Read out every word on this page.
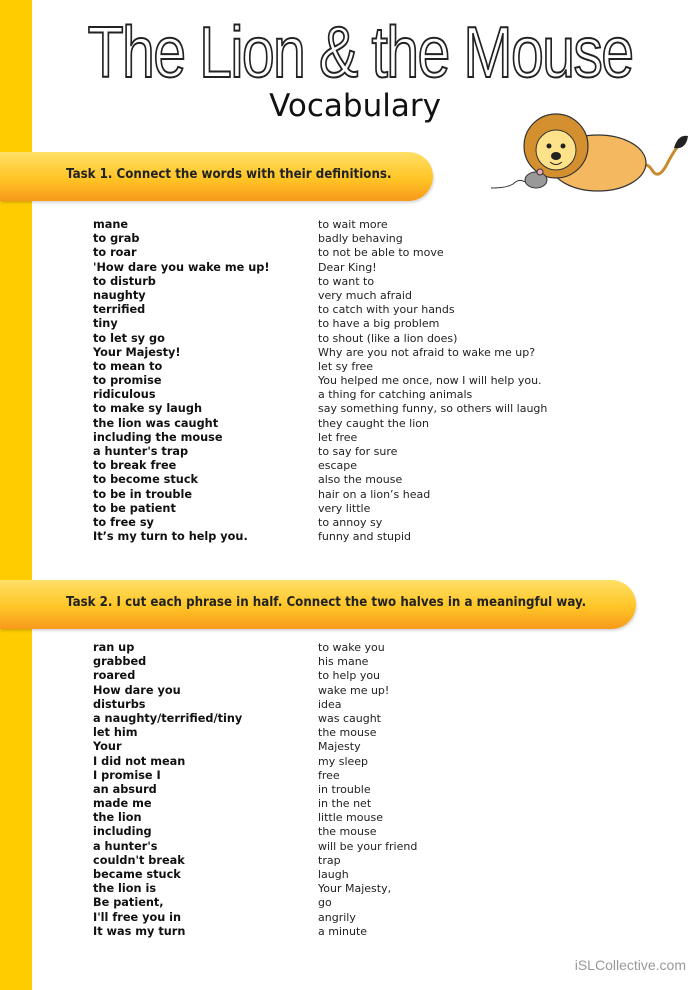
The Lion & the Mouse
Vocabulary
Task 1. Connect the words with their definitions.
mane	to wait more
to grab	badly behaving
to roar	to not be able to move
'How dare you wake me up!	Dear King!
to disturb	to want to
naughty	very much afraid
terrified	to catch with your hands
tiny	to have a big problem
to let sy go	to shout (like a lion does)
Your Majesty!	Why are you not afraid to wake me up?
to mean to	let sy free
to promise	You helped me once, now I will help you.
ridiculous	a thing for catching animals
to make sy laugh	say something funny, so others will laugh
the lion was caught	they caught the lion
including the mouse	let free
a hunter's trap	to say for sure
to break free	escape
to become stuck	also the mouse
to be in trouble	hair on a lion’s head
to be patient	very little
to free sy	to annoy sy
It’s my turn to help you.	funny and stupid
Task 2. I cut each phrase in half. Connect the two halves in a meaningful way.
ran up	to wake you
grabbed	his mane
roared	to help you
How dare you	wake me up!
disturbs	idea
a naughty/terrified/tiny	was caught
let him	the mouse
Your	Majesty
I did not mean	my sleep
I promise I	free
an absurd	in trouble
made me	in the net
the lion	little mouse
including	the mouse
a hunter's	will be your friend
couldn't break	trap
became stuck	laugh
the lion is	Your Majesty,
Be patient,	go
I'll free you in	angrily
It was my turn	a minute
iSLCollective.com
